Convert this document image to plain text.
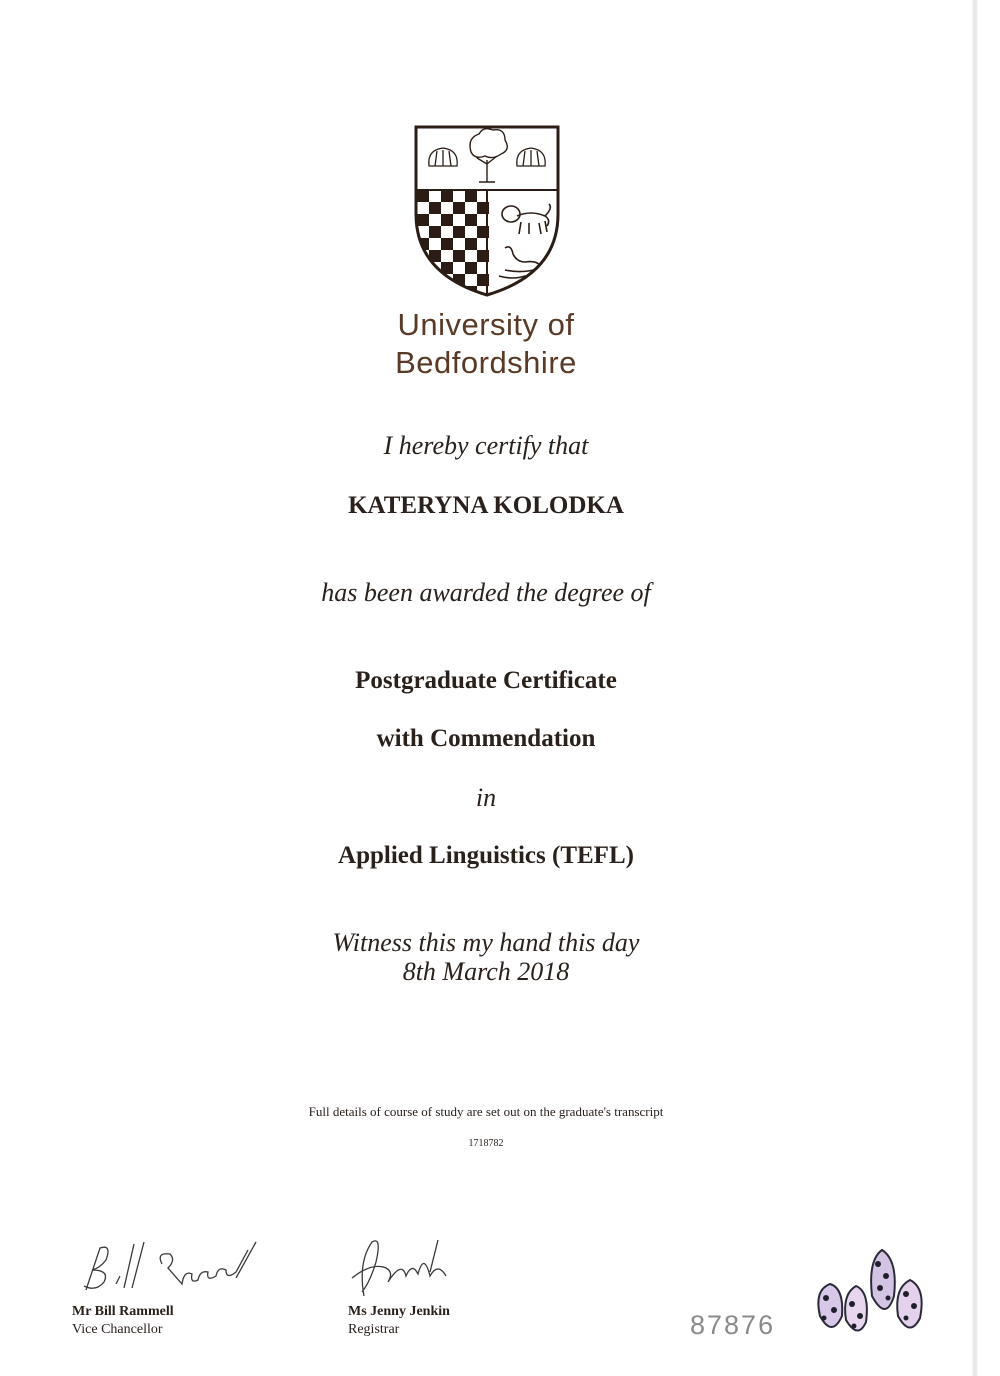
University of
Bedfordshire
I hereby certify that
KATERYNA KOLODKA
has been awarded the degree of
Postgraduate Certificate
with Commendation
in
Applied Linguistics (TEFL)
Witness this my hand this day
8th March 2018
Full details of course of study are set out on the graduate's transcript
1718782
Mr Bill Rammell
Vice Chancellor
Ms Jenny Jenkin
Registrar	87876
